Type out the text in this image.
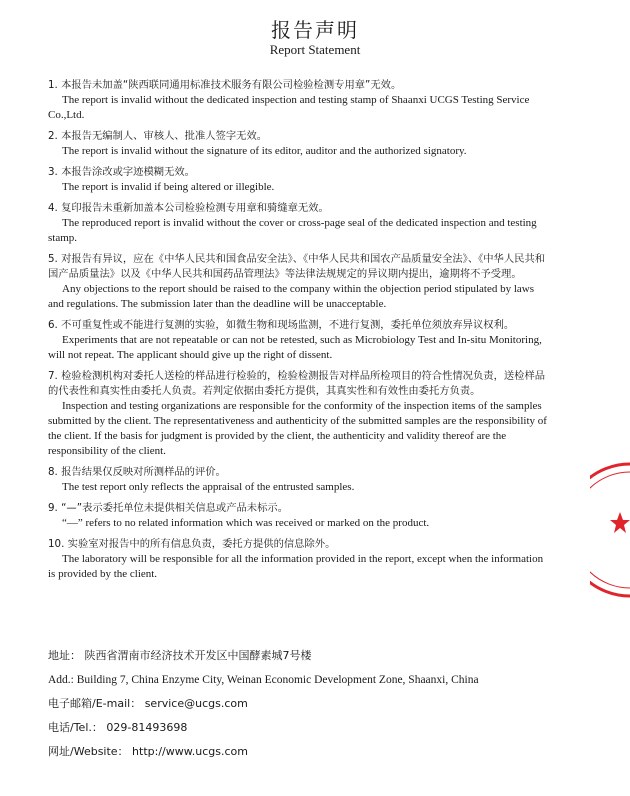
报告声明
Report Statement

1. 本报告未加盖“陕西联同通用标准技术服务有限公司检验检测专用章”无效。

The report is invalid without the dedicated inspection and testing stamp of Shaanxi UCGS Testing Service Co.,Ltd.

2. 本报告无编制人、审核人、批准人签字无效。

The report is invalid without the signature of its editor, auditor and the authorized signatory.

3. 本报告涂改或字迹模糊无效。

The report is invalid if being altered or illegible.

4. 复印报告未重新加盖本公司检验检测专用章和骑缝章无效。

The reproduced report is invalid without the cover or cross-page seal of the dedicated inspection and testing stamp.

5. 对报告有异议，应在《中华人民共和国食品安全法》、《中华人民共和国农产品质量安全法》、《中华人民共和国产品质量法》以及《中华人民共和国药品管理法》等法律法规规定的异议期内提出，逾期将不予受理。

Any objections to the report should be raised to the company within the objection period stipulated by laws and regulations. The submission later than the deadline will be unacceptable.

6. 不可重复性或不能进行复测的实验，如微生物和现场监测，不进行复测，委托单位须放弃异议权利。

Experiments that are not repeatable or can not be retested, such as Microbiology Test and In-situ Monitoring, will not repeat. The applicant should give up the right of dissent.

7. 检验检测机构对委托人送检的样品进行检验的，检验检测报告对样品所检项目的符合性情况负责，送检样品的代表性和真实性由委托人负责。若判定依据由委托方提供，其真实性和有效性由委托方负责。

Inspection and testing organizations are responsible for the conformity of the inspection items of the samples submitted by the client. The representativeness and authenticity of the submitted samples are the responsibility of the client. If the basis for judgment is provided by the client, the authenticity and validity thereof are the responsibility of the client.

8. 报告结果仅反映对所测样品的评价。

The test report only reflects the appraisal of the entrusted samples.

9. “—”表示委托单位未提供相关信息或产品未标示。

“—” refers to no related information which was received or marked on the product.

10. 实验室对报告中的所有信息负责，委托方提供的信息除外。

The laboratory will be responsible for all the information provided in the report, except when the information is provided by the client.

地址： 陕西省渭南市经济技术开发区中国酵素城7号楼

Add.: Building 7, China Enzyme City, Weinan Economic Development Zone, Shaanxi, China

电子邮箱/E-mail： service@ucgs.com

电话/Tel.： 029-81493698

网址/Website： http://www.ucgs.com
